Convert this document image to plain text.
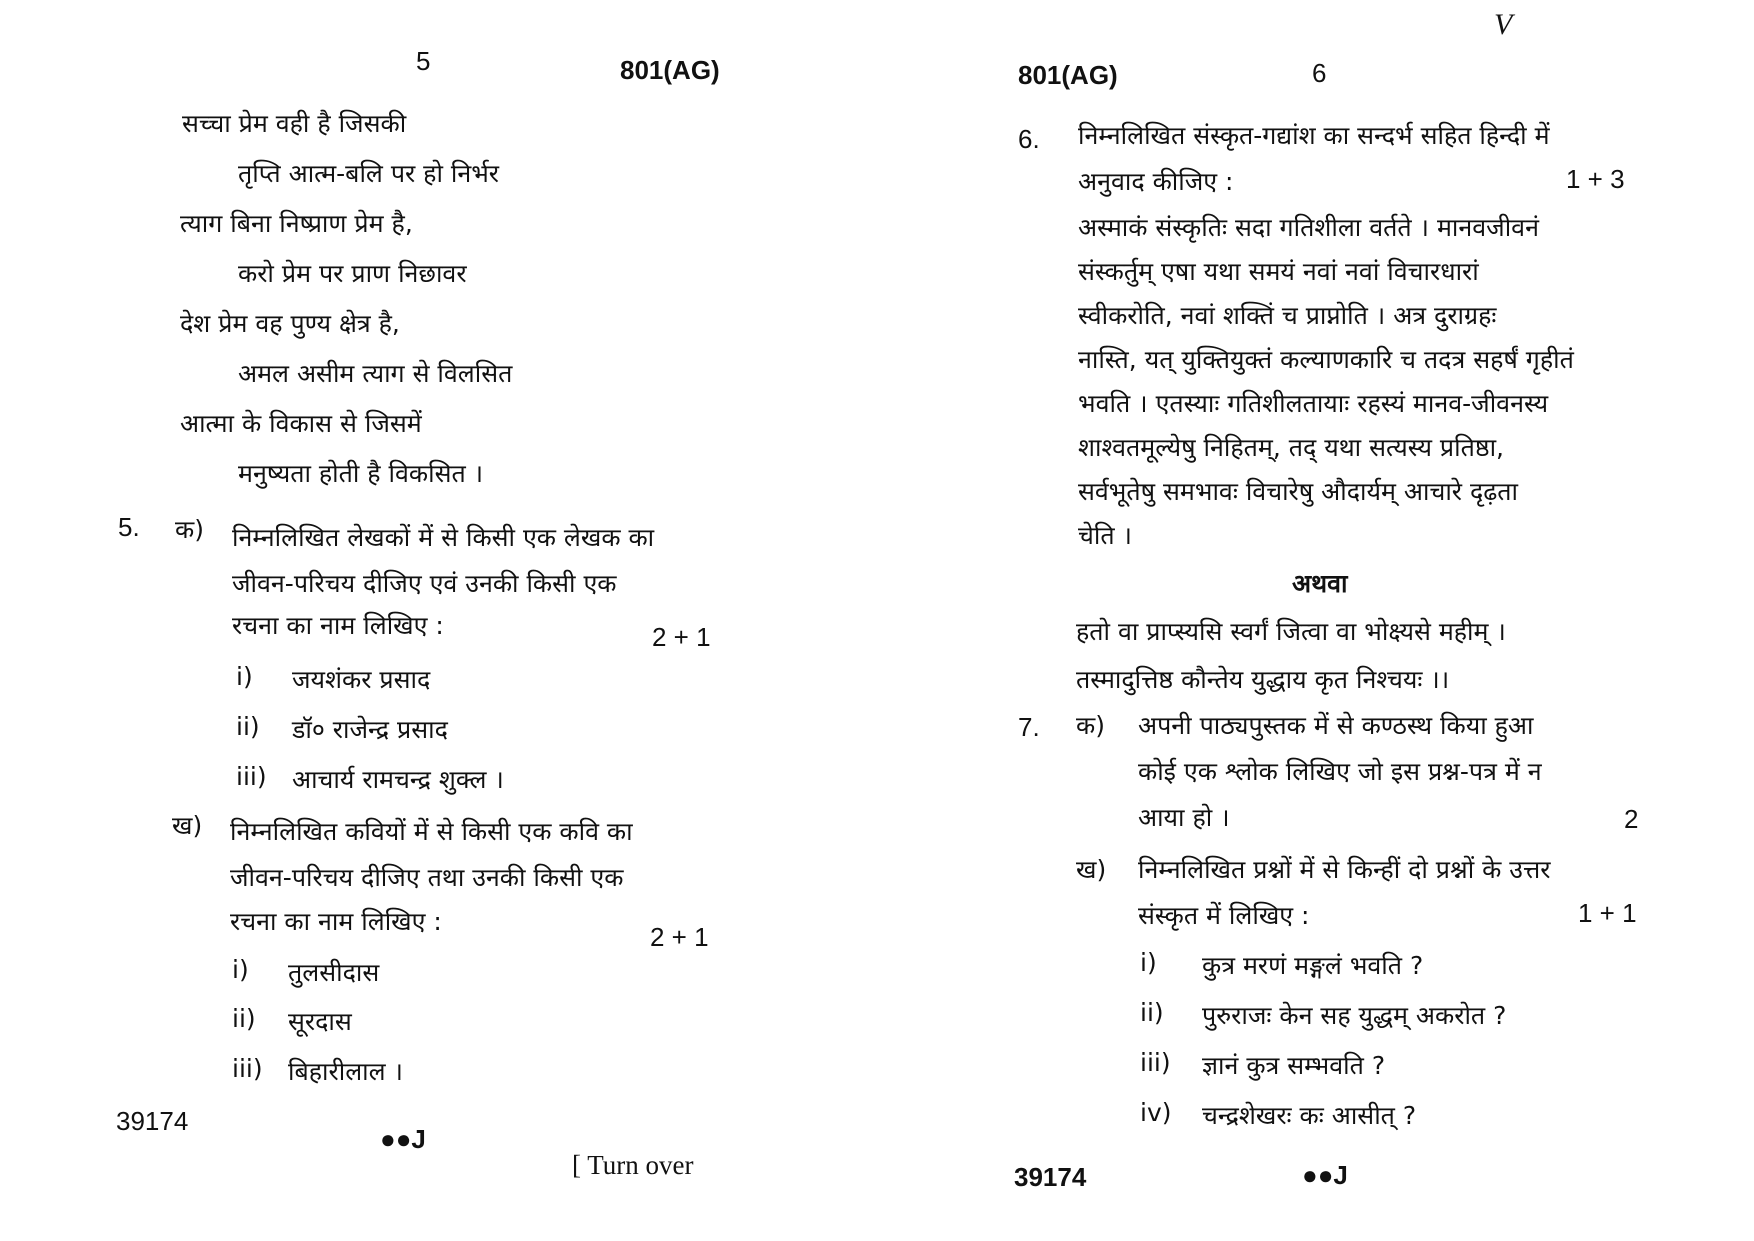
5	801(AG)
सच्चा प्रेम वही है जिसकी
तृप्ति आत्म-बलि पर हो निर्भर
त्याग बिना निष्प्राण प्रेम है,
करो प्रेम पर प्राण निछावर
देश प्रेम वह पुण्य क्षेत्र है,
अमल असीम त्याग से विलसित
आत्मा के विकास से जिसमें
मनुष्यता होती है विकसित ।
5. क) निम्नलिखित लेखकों में से किसी एक लेखक का
जीवन-परिचय दीजिए एवं उनकी किसी एक
रचना का नाम लिखिए :	2 + 1
i) जयशंकर प्रसाद
ii) डॉ० राजेन्द्र प्रसाद
iii) आचार्य रामचन्द्र शुक्ल ।
ख) निम्नलिखित कवियों में से किसी एक कवि का
जीवन-परिचय दीजिए तथा उनकी किसी एक
रचना का नाम लिखिए :
2 + 1
i) तुलसीदास
ii) सूरदास
iii) बिहारीलाल ।
39174
●●J
[ Turn over
V
801(AG)	6
6. निम्नलिखित संस्कृत-गद्यांश का सन्दर्भ सहित हिन्दी में
अनुवाद कीजिए :	1 + 3
अस्माकं संस्कृतिः सदा गतिशीला वर्तते । मानवजीवनं
संस्कर्तुम् एषा यथा समयं नवां नवां विचारधारां
स्वीकरोति, नवां शक्तिं च प्राप्नोति । अत्र दुराग्रहः
नास्ति, यत् युक्तियुक्तं कल्याणकारि च तदत्र सहर्षं गृहीतं
भवति । एतस्याः गतिशीलतायाः रहस्यं मानव-जीवनस्य
शाश्वतमूल्येषु निहितम्, तद् यथा सत्यस्य प्रतिष्ठा,
सर्वभूतेषु समभावः विचारेषु औदार्यम् आचारे दृढ़ता
चेति ।
अथवा
हतो वा प्राप्स्यसि स्वर्गं जित्वा वा भोक्ष्यसे महीम् ।
तस्मादुत्तिष्ठ कौन्तेय युद्धाय कृत निश्चयः ।।
7. क) अपनी पाठ्यपुस्तक में से कण्ठस्थ किया हुआ
कोई एक श्लोक लिखिए जो इस प्रश्न-पत्र में न
आया हो ।	2
ख) निम्नलिखित प्रश्नों में से किन्हीं दो प्रश्नों के उत्तर
संस्कृत में लिखिए :	1 + 1
i) कुत्र मरणं मङ्गलं भवति ?
ii) पुरुराजः केन सह युद्धम् अकरोत ?
iii) ज्ञानं कुत्र सम्भवति ?
iv) चन्द्रशेखरः कः आसीत् ?
39174	●●J
